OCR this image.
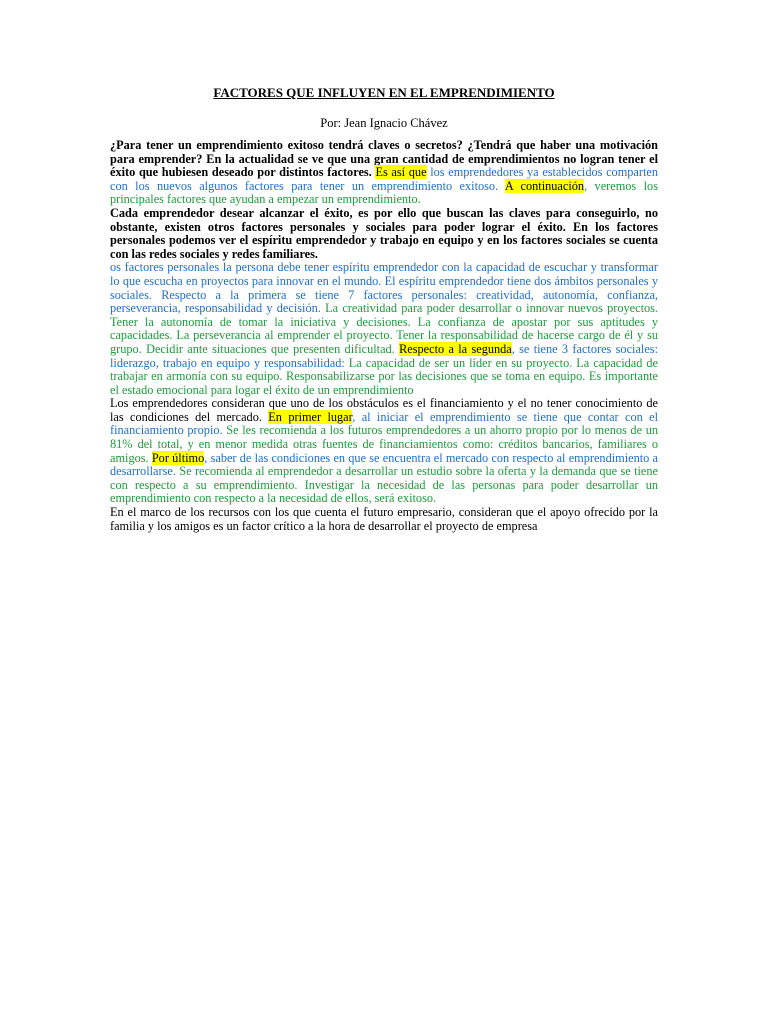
FACTORES QUE INFLUYEN EN EL EMPRENDIMIENTO
Por: Jean Ignacio Chávez

¿Para tener un emprendimiento exitoso tendrá claves o secretos? ¿Tendrá que haber una motivación para emprender? En la actualidad se ve que una gran cantidad de emprendimientos no logran tener el éxito que hubiesen deseado por distintos factores. Es así que los emprendedores ya establecidos comparten con los nuevos algunos factores para tener un emprendimiento exitoso. A continuación, veremos los principales factores que ayudan a empezar un emprendimiento.

Cada emprendedor desear alcanzar el éxito, es por ello que buscan las claves para conseguirlo, no obstante, existen otros factores personales y sociales para poder lograr el éxito. En los factores personales podemos ver el espíritu emprendedor y trabajo en equipo y en los factores sociales se cuenta con las redes sociales y redes familiares.

os factores personales la persona debe tener espíritu emprendedor con la capacidad de escuchar y transformar lo que escucha en proyectos para innovar en el mundo. El espíritu emprendedor tiene dos ámbitos personales y sociales. Respecto a la primera se tiene 7 factores personales: creatividad, autonomía, confianza, perseverancia, responsabilidad y decisión. La creatividad para poder desarrollar o innovar nuevos proyectos. Tener la autonomía de tomar la iniciativa y decisiones. La confianza de apostar por sus aptitudes y capacidades. La perseverancia al emprender el proyecto. Tener la responsabilidad de hacerse cargo de él y su grupo. Decidir ante situaciones que presenten dificultad. Respecto a la segunda, se tiene 3 factores sociales: liderazgo, trabajo en equipo y responsabilidad: La capacidad de ser un líder en su proyecto. La capacidad de trabajar en armonía con su equipo. Responsabilizarse por las decisiones que se toma en equipo. Es importante el estado emocional para logar el éxito de un emprendimiento

Los emprendedores consideran que uno de los obstáculos es el financiamiento y el no tener conocimiento de las condiciones del mercado. En primer lugar, al iniciar el emprendimiento se tiene que contar con el financiamiento propio. Se les recomienda a los futuros emprendedores a un ahorro propio por lo menos de un 81% del total, y en menor medida otras fuentes de financiamientos como: créditos bancarios, familiares o amigos. Por último, saber de las condiciones en que se encuentra el mercado con respecto al emprendimiento a desarrollarse. Se recomienda al emprendedor a desarrollar un estudio sobre la oferta y la demanda que se tiene con respecto a su emprendimiento. Investigar la necesidad de las personas para poder desarrollar un emprendimiento con respecto a la necesidad de ellos, será exitoso.

En el marco de los recursos con los que cuenta el futuro empresario, consideran que el apoyo ofrecido por la familia y los amigos es un factor crítico a la hora de desarrollar el proyecto de empresa
